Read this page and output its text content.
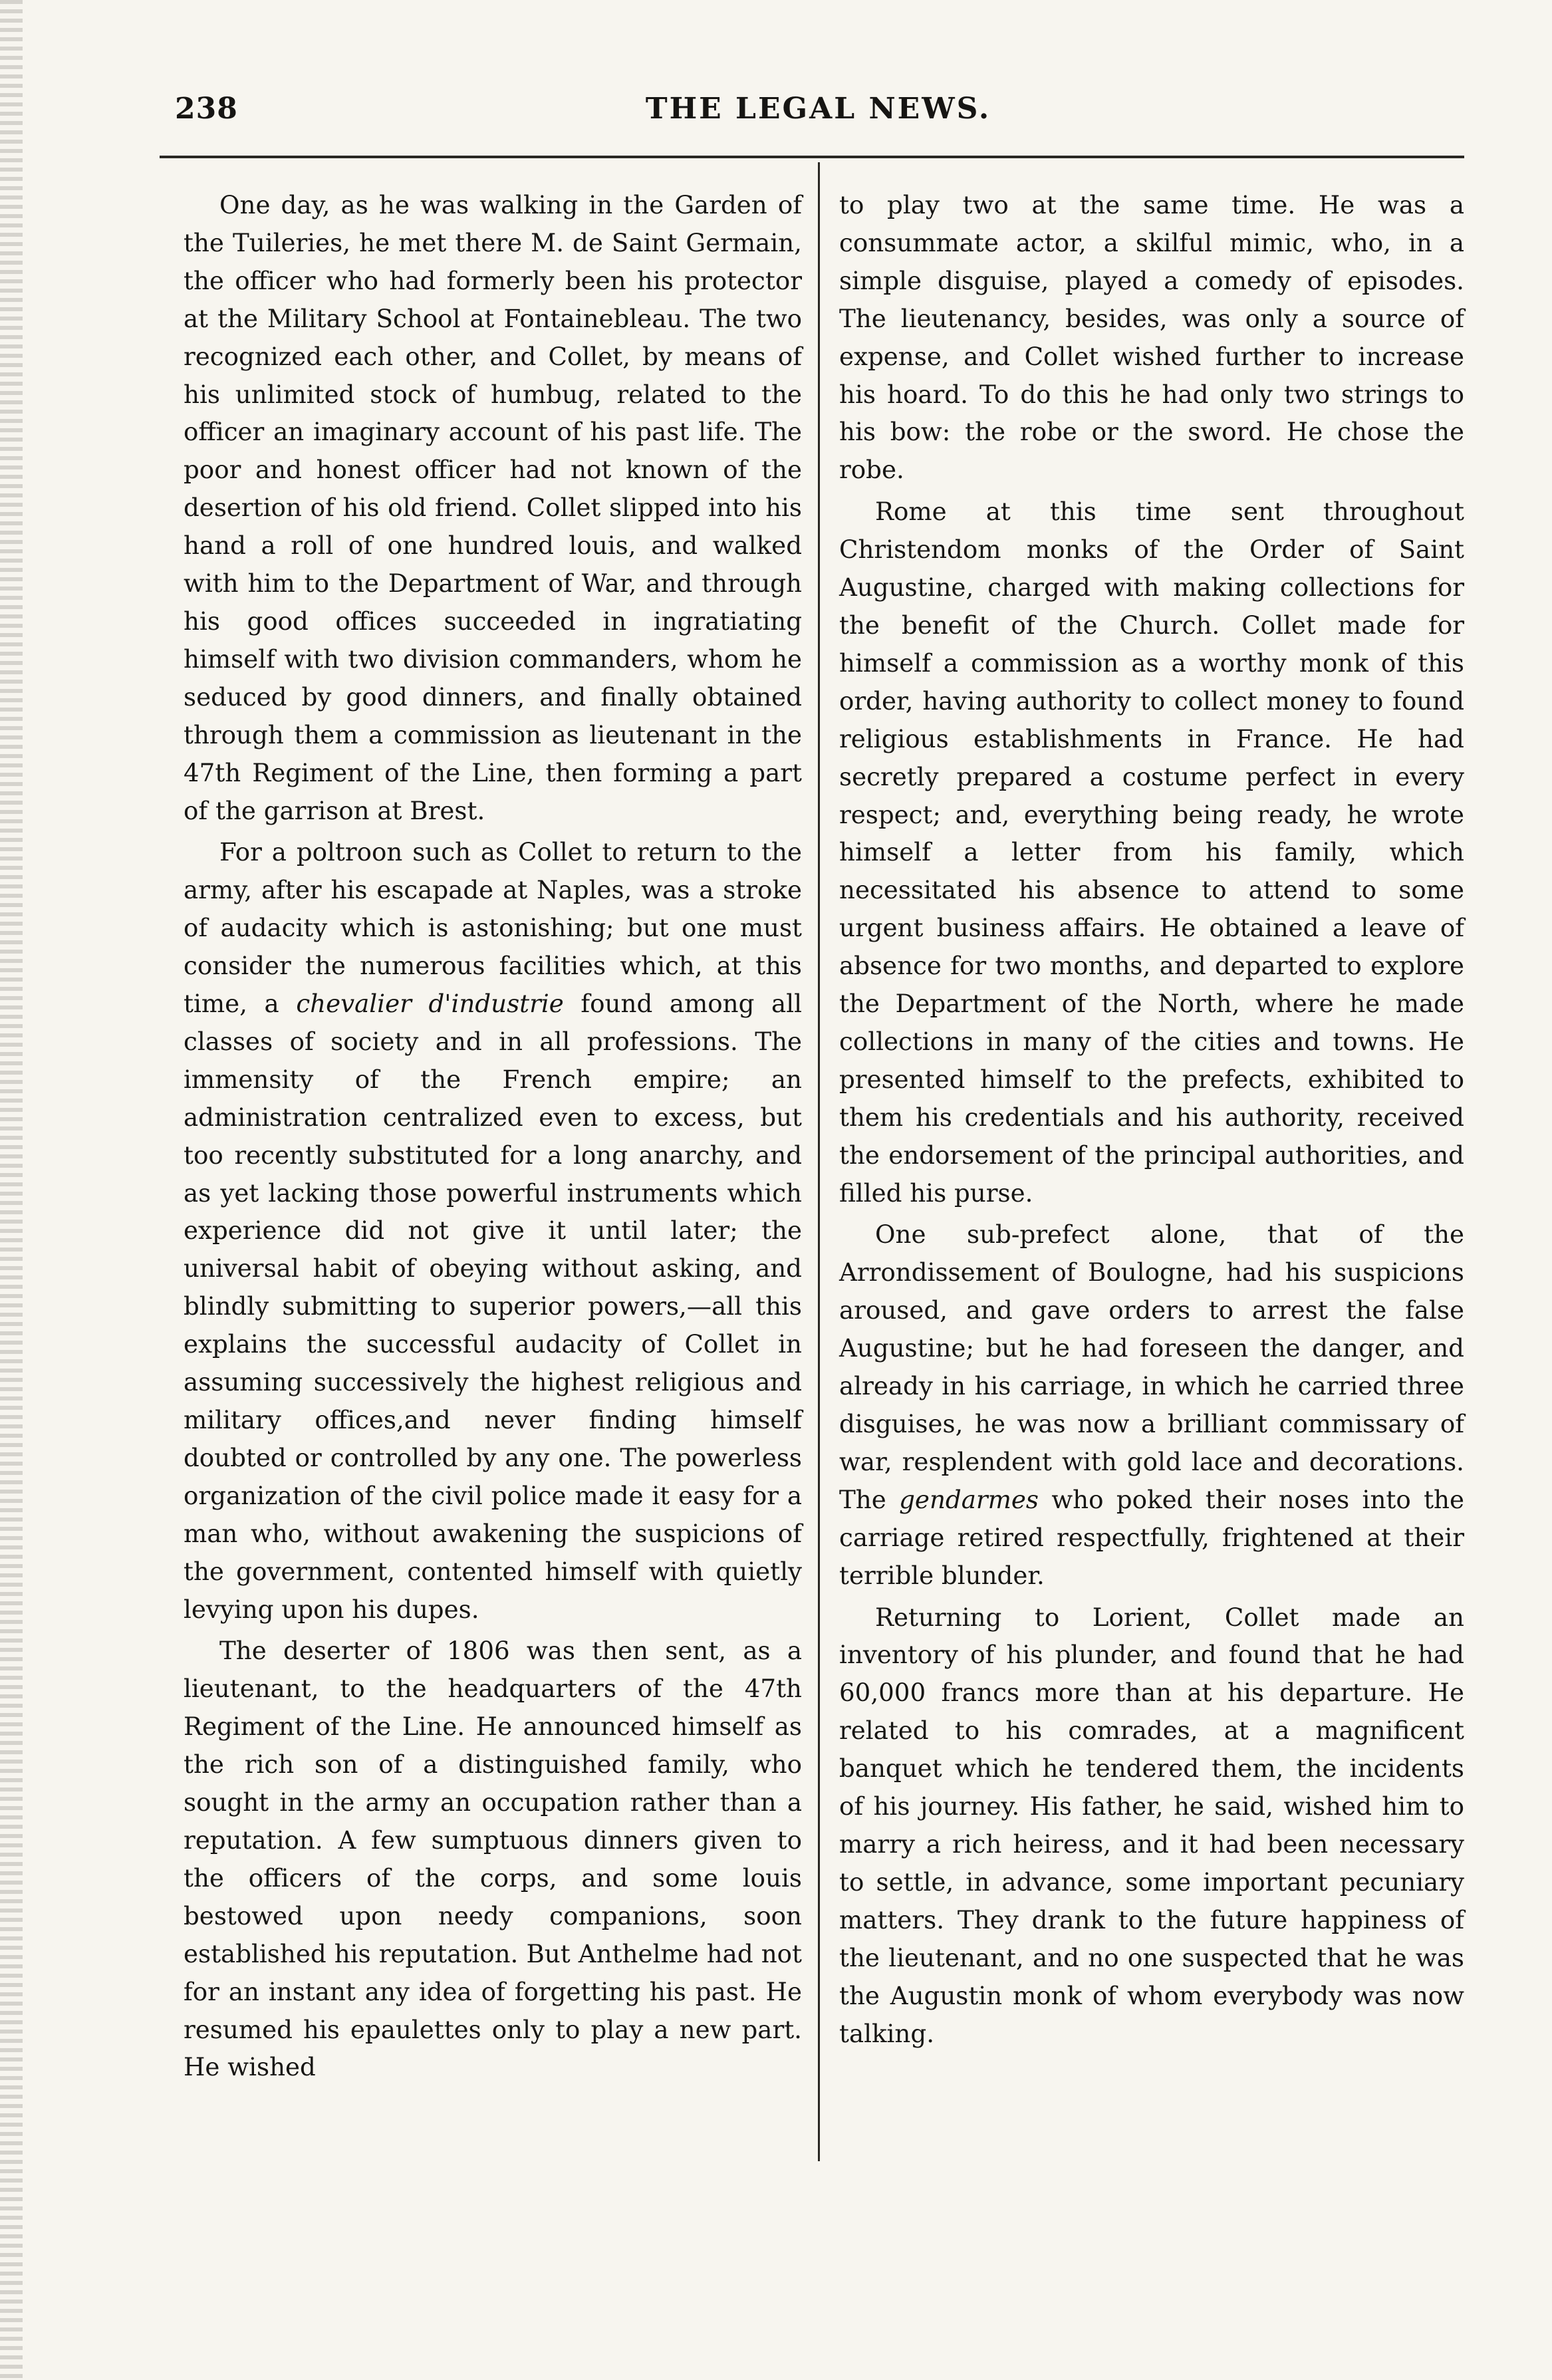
238	THE LEGAL NEWS.

One day, as he was walking in the Garden of the Tuileries, he met there M. de Saint Germain, the officer who had formerly been his protector at the Military School at Fontainebleau. The two recognized each other, and Collet, by means of his unlimited stock of humbug, related to the officer an imaginary account of his past life. The poor and honest officer had not known of the desertion of his old friend. Collet slipped into his hand a roll of one hundred louis, and walked with him to the Department of War, and through his good offices succeeded in ingratiating himself with two division commanders, whom he seduced by good dinners, and finally obtained through them a commission as lieutenant in the 47th Regiment of the Line, then forming a part of the garrison at Brest.

For a poltroon such as Collet to return to the army, after his escapade at Naples, was a stroke of audacity which is astonishing; but one must consider the numerous facilities which, at this time, a chevalier d'industrie found among all classes of society and in all professions. The immensity of the French empire; an administration centralized even to excess, but too recently substituted for a long anarchy, and as yet lacking those powerful instruments which experience did not give it until later; the universal habit of obeying without asking, and blindly submitting to superior powers,—all this explains the successful audacity of Collet in assuming successively the highest religious and military offices,and never finding himself doubted or controlled by any one. The powerless organization of the civil police made it easy for a man who, without awakening the suspicions of the government, contented himself with quietly levying upon his dupes.

The deserter of 1806 was then sent, as a lieutenant, to the headquarters of the 47th Regiment of the Line. He announced himself as the rich son of a distinguished family, who sought in the army an occupation rather than a reputation. A few sumptuous dinners given to the officers of the corps, and some louis bestowed upon needy companions, soon established his reputation. But Anthelme had not for an instant any idea of forgetting his past. He resumed his epaulettes only to play a new part. He wished

to play two at the same time. He was a consummate actor, a skilful mimic, who, in a simple disguise, played a comedy of episodes. The lieutenancy, besides, was only a source of expense, and Collet wished further to increase his hoard. To do this he had only two strings to his bow: the robe or the sword. He chose the robe.

Rome at this time sent throughout Christendom monks of the Order of Saint Augustine, charged with making collections for the benefit of the Church. Collet made for himself a commission as a worthy monk of this order, having authority to collect money to found religious establishments in France. He had secretly prepared a costume perfect in every respect; and, everything being ready, he wrote himself a letter from his family, which necessitated his absence to attend to some urgent business affairs. He obtained a leave of absence for two months, and departed to explore the Department of the North, where he made collections in many of the cities and towns. He presented himself to the prefects, exhibited to them his credentials and his authority, received the endorsement of the principal authorities, and filled his purse.

One sub-prefect alone, that of the Arrondissement of Boulogne, had his suspicions aroused, and gave orders to arrest the false Augustine; but he had foreseen the danger, and already in his carriage, in which he carried three disguises, he was now a brilliant commissary of war, resplendent with gold lace and decorations. The gendarmes who poked their noses into the carriage retired respectfully, frightened at their terrible blunder.

Returning to Lorient, Collet made an inventory of his plunder, and found that he had 60,000 francs more than at his departure. He related to his comrades, at a magnificent banquet which he tendered them, the incidents of his journey. His father, he said, wished him to marry a rich heiress, and it had been necessary to settle, in advance, some important pecuniary matters. They drank to the future happiness of the lieutenant, and no one suspected that he was the Augustin monk of whom everybody was now talking.
